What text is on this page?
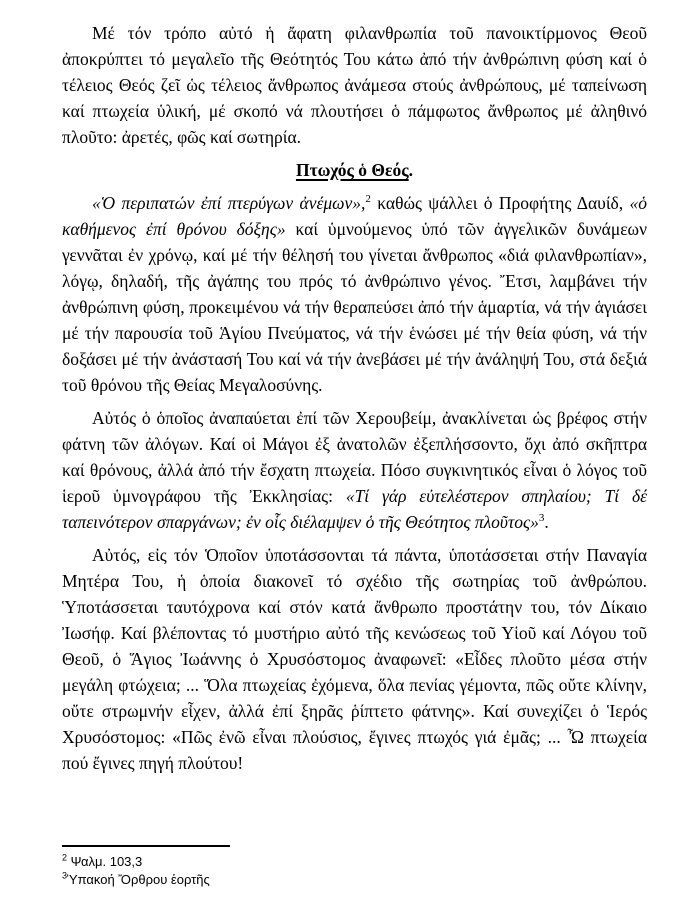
Μέ τόν τρόπο αὐτό ἡ ἄφατη φιλανθρωπία τοῦ πανοικτίρμονος Θεοῦ ἀποκρύπτει τό μεγαλεῖο τῆς Θεότητός Του κάτω ἀπό τήν ἀνθρώπινη φύση καί ὁ τέλειος Θεός ζεῖ ὡς τέλειος ἄνθρωπος ἀνάμεσα στούς ἀνθρώπους, μέ ταπείνωση καί πτωχεία ὑλική, μέ σκοπό νά πλουτήσει ὁ πάμφωτος ἄνθρωπος μέ ἀληθινό πλοῦτο: ἀρετές, φῶς καί σωτηρία.

Πτωχός ὁ Θεός.

«Ὁ περιπατών ἐπί πτερύγων ἀνέμων»,$^2$ καθώς ψάλλει ὁ Προφήτης Δαυίδ, «ὁ καθήμενος ἐπί θρόνου δόξης» καί ὑμνούμενος ὑπό τῶν ἀγγελικῶν δυνάμεων γεννᾶται ἐν χρόνῳ, καί μέ τήν θέλησή του γίνεται ἄνθρωπος «διά φιλανθρωπίαν», λόγῳ, δηλαδή, τῆς ἀγάπης του πρός τό ἀνθρώπινο γένος. Ἔτσι, λαμβάνει τήν ἀνθρώπινη φύση, προκειμένου νά τήν θεραπεύσει ἀπό τήν ἁμαρτία, νά τήν ἁγιάσει μέ τήν παρουσία τοῦ Ἁγίου Πνεύματος, νά τήν ἑνώσει μέ τήν θεία φύση, νά τήν δοξάσει μέ τήν ἀνάστασή Του καί νά τήν ἀνεβάσει μέ τήν ἀνάληψή Του, στά δεξιά τοῦ θρόνου τῆς Θείας Μεγαλοσύνης.

Αὐτός ὁ ὁποῖος ἀναπαύεται ἐπί τῶν Χερουβείμ, ἀνακλίνεται ὡς βρέφος στήν φάτνη τῶν ἀλόγων. Καί οἱ Μάγοι ἐξ ἀνατολῶν ἐξεπλήσσοντο, ὄχι ἀπό σκῆπτρα καί θρόνους, ἀλλά ἀπό τήν ἔσχατη πτωχεία. Πόσο συγκινητικός εἶναι ὁ λόγος τοῦ ἱεροῦ ὑμνογράφου τῆς Ἐκκλησίας: «Τί γάρ εὐτελέστερον σπηλαίου; Τί δέ ταπεινότερον σπαργάνων; ἐν οἷς διέλαμψεν ὁ τῆς Θεότητος πλοῦτος»$^3$.

Αὐτός, εἰς τόν Ὁποῖον ὑποτάσσονται τά πάντα, ὑποτάσσεται στήν Παναγία Μητέρα Του, ἡ ὁποία διακονεῖ τό σχέδιο τῆς σωτηρίας τοῦ ἀνθρώπου. Ὑποτάσσεται ταυτόχρονα καί στόν κατά ἄνθρωπο προστάτην του, τόν Δίκαιο Ἰωσήφ. Καί βλέποντας τό μυστήριο αὐτό τῆς κενώσεως τοῦ Υἱοῦ καί Λόγου τοῦ Θεοῦ, ὁ Ἅγιος Ἰωάννης ὁ Χρυσόστομος ἀναφωνεῖ: «Εἶδες πλοῦτο μέσα στήν μεγάλη φτώχεια; ... Ὅλα πτωχείας ἐχόμενα, ὅλα πενίας γέμοντα, πῶς οὔτε κλίνην, οὔτε στρωμνήν εἶχεν, ἀλλά ἐπί ξηρᾶς ῥίπτετο φάτνης». Καί συνεχίζει ὁ Ἱερός Χρυσόστομος: «Πῶς ἐνῶ εἶναι πλούσιος, ἔγινες πτωχός γιά ἐμᾶς; ... Ὦ πτωχεία πού ἔγινες πηγή πλούτου!

$^2$ Ψαλμ. 103,3

$^3$Ὑπακοή Ὄρθρου ἑορτῆς
